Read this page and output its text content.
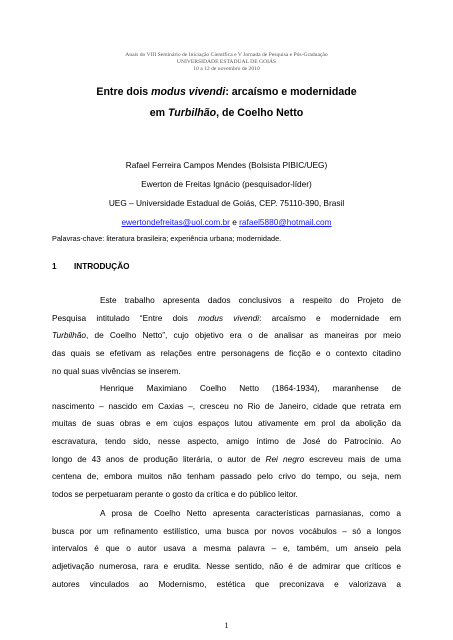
Anais do VIII Seminário de Iniciação Científica e V Jornada de Pesquisa e Pós-Graduação
UNIVERSIDADE ESTADUAL DE GOIÁS
10 a 12 de novembro de 2010
Entre dois modus vivendi: arcaísmo e modernidade
em Turbilhão, de Coelho Netto
Rafael Ferreira Campos Mendes (Bolsista PIBIC/UEG)
Ewerton de Freitas Ignácio (pesquisador-líder)
UEG – Universidade Estadual de Goiás, CEP. 75110-390, Brasil
ewertondefreitas@uol.com.br e rafael5880@hotmail.com
Palavras-chave: literatura brasileira; experiência urbana; modernidade.
1 INTRODUÇÃO
Este trabalho apresenta dados conclusivos a respeito do Projeto de
Pesquisa intitulado “Entre dois modus vivendi: arcaísmo e modernidade em
Turbilhão, de Coelho Netto”, cujo objetivo era o de analisar as maneiras por meio
das quais se efetivam as relações entre personagens de ficção e o contexto citadino
no qual suas vivências se inserem.
Henrique Maximiano Coelho Netto (1864-1934), maranhense de
nascimento – nascido em Caxias –, cresceu no Rio de Janeiro, cidade que retrata em
muitas de suas obras e em cujos espaços lutou ativamente em prol da abolição da
escravatura, tendo sido, nesse aspecto, amigo íntimo de José do Patrocínio. Ao
longo de 43 anos de produção literária, o autor de Rei negro escreveu mais de uma
centena de, embora muitos não tenham passado pelo crivo do tempo, ou seja, nem
todos se perpetuaram perante o gosto da crítica e do público leitor.
A prosa de Coelho Netto apresenta características parnasianas, como a
busca por um refinamento estilístico, uma busca por novos vocábulos – só a longos
intervalos é que o autor usava a mesma palavra – e, também, um anseio pela
adjetivação numerosa, rara e erudita. Nesse sentido, não é de admirar que críticos e
autores vinculados ao Modernismo, estética que preconizava e valorizava a
1
